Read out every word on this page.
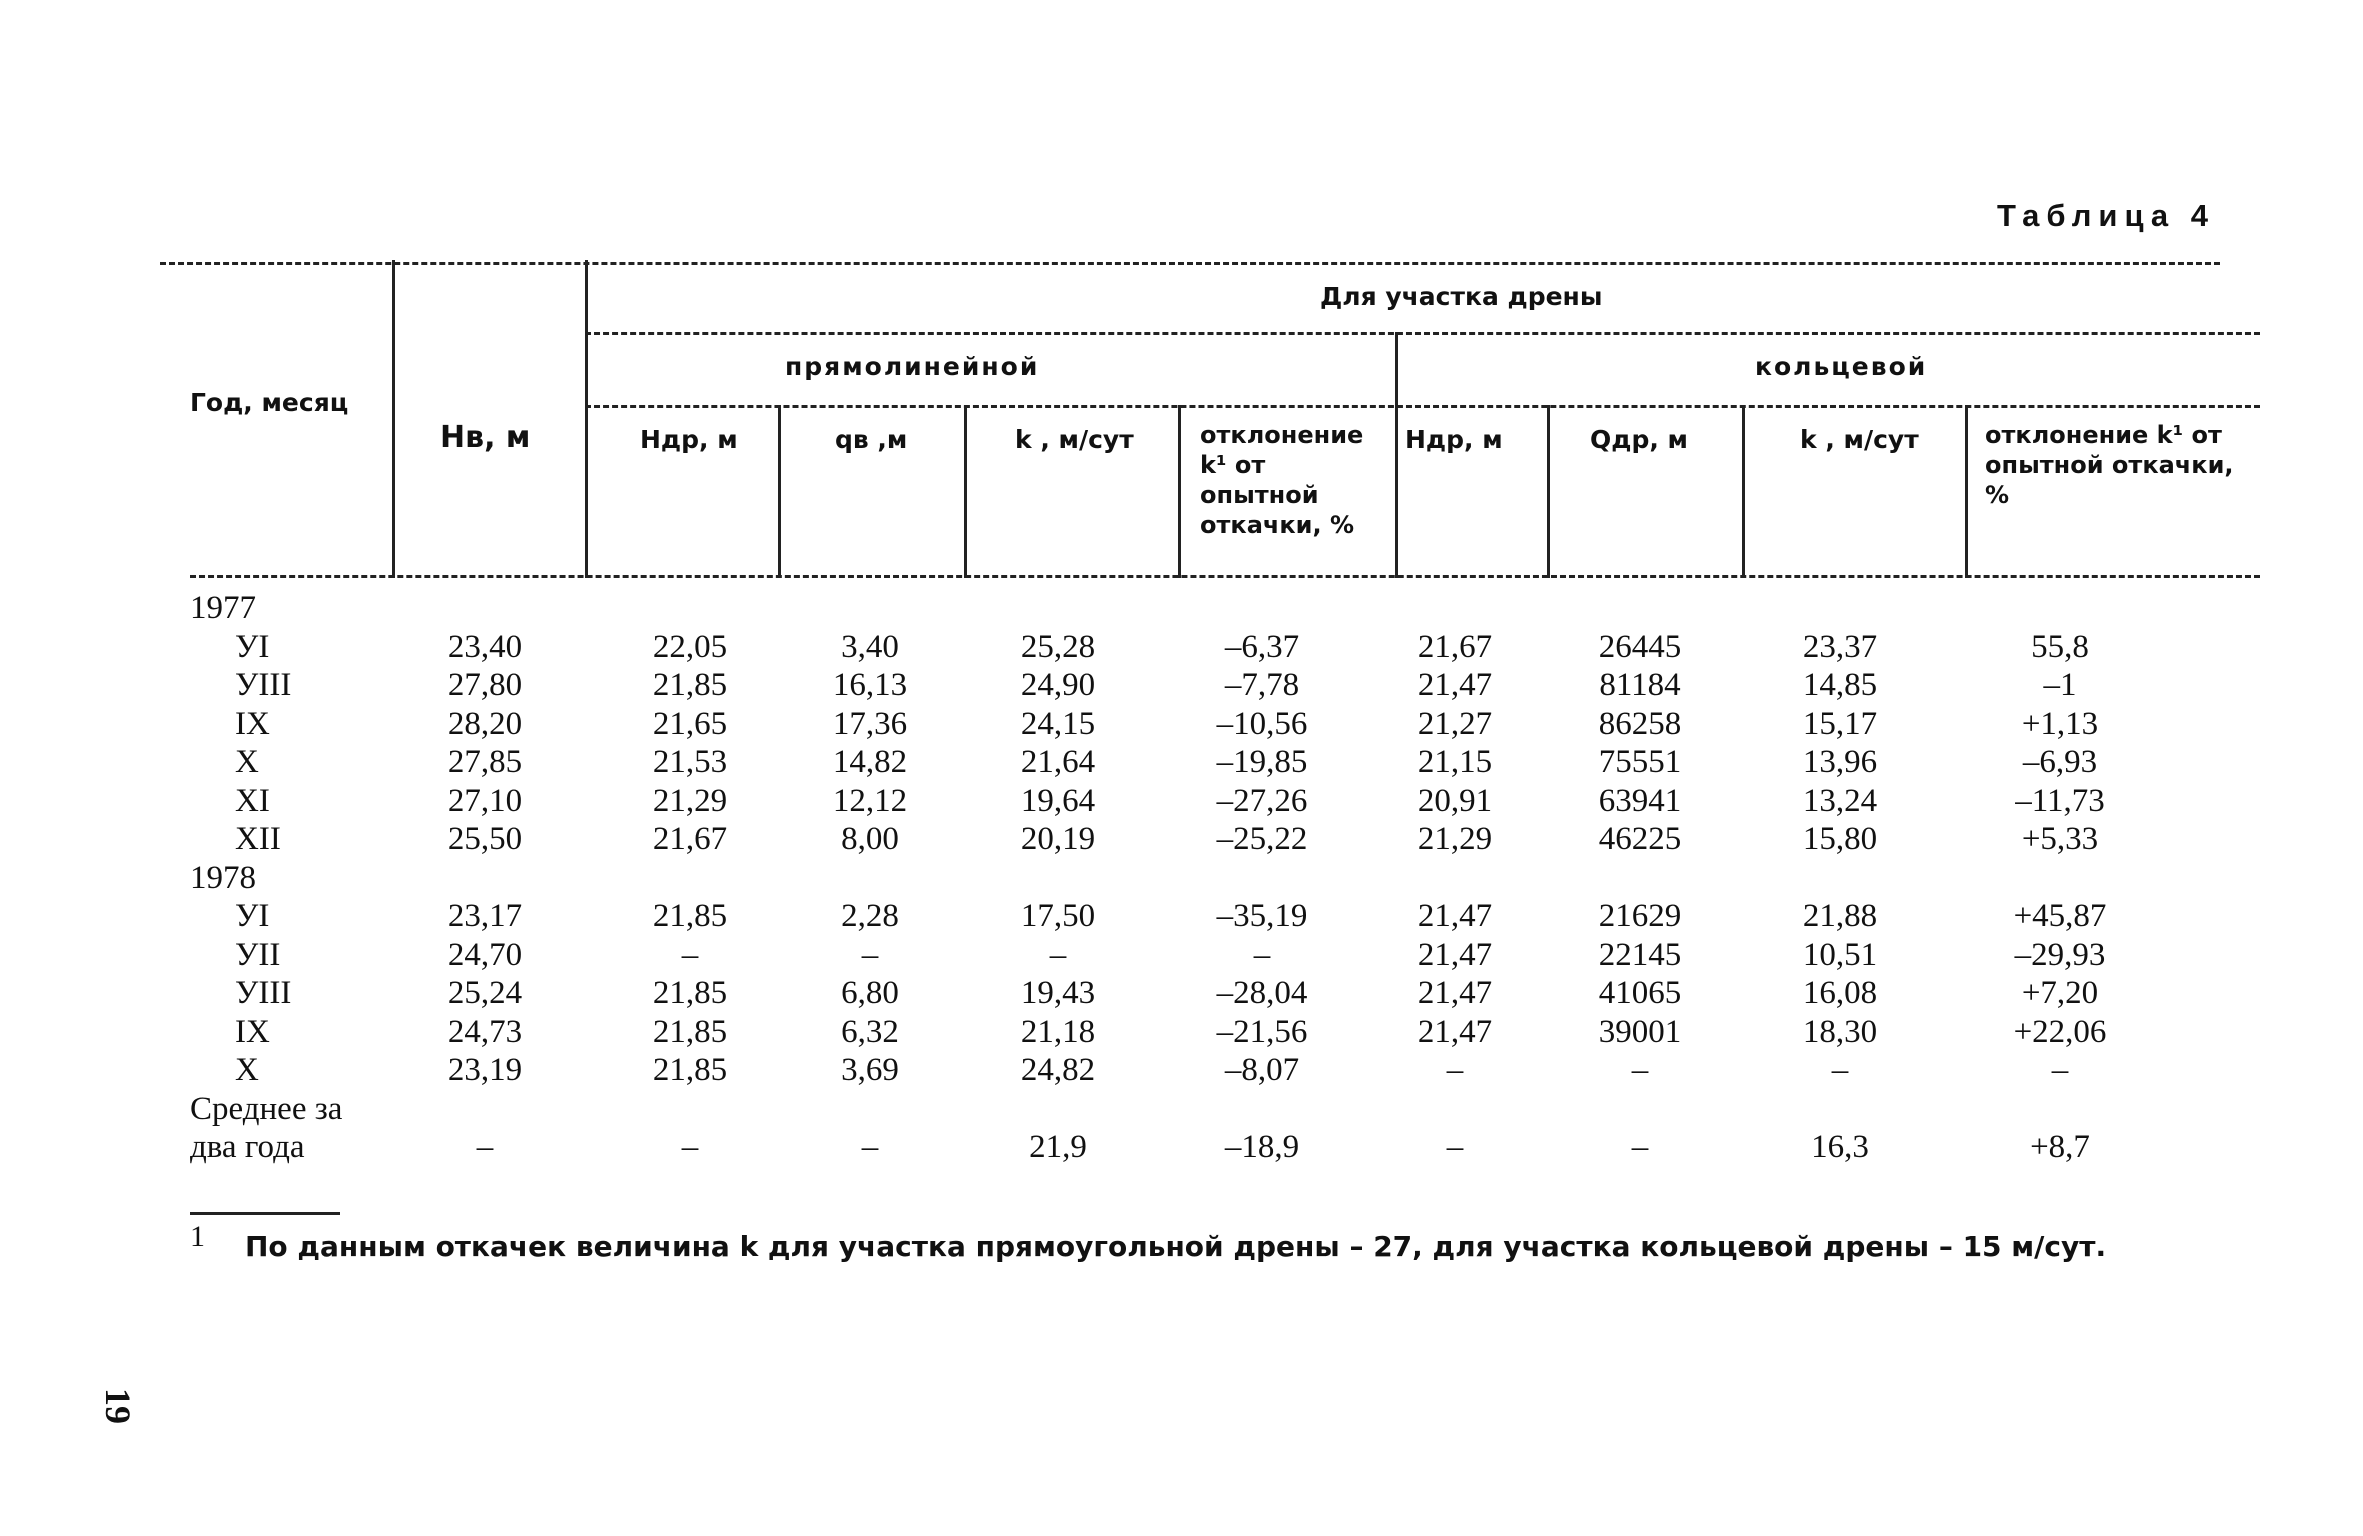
Таблица 4
Год, месяц
Hв, м
Для участка дрены
прямолинейной	кольцевой
Hдр, м	qв ,м	k , м/сут	отклонение k¹ от опытной откачки, %
Hдр, м	Qдр, м	k , м/сут	отклонение k¹ от опытной откачки, %
1977
УI	23,40	22,05	3,40	25,28	–6,37	21,67	26445	23,37	55,8
УIII	27,80	21,85	16,13	24,90	–7,78	21,47	81184	14,85	–1
IX	28,20	21,65	17,36	24,15	–10,56	21,27	86258	15,17	+1,13
X	27,85	21,53	14,82	21,64	–19,85	21,15	75551	13,96	–6,93
XI	27,10	21,29	12,12	19,64	–27,26	20,91	63941	13,24	–11,73
XII	25,50	21,67	8,00	20,19	–25,22	21,29	46225	15,80	+5,33
1978
УI	23,17	21,85	2,28	17,50	–35,19	21,47	21629	21,88	+45,87
УII	24,70	–	–	–	–	21,47	22145	10,51	–29,93
УIII	25,24	21,85	6,80	19,43	–28,04	21,47	41065	16,08	+7,20
IX	24,73	21,85	6,32	21,18	–21,56	21,47	39001	18,30	+22,06
X	23,19	21,85	3,69	24,82	–8,07	–	–	–	–
Среднее за
два года	–	–	–	21,9	–18,9	–	–	16,3	+8,7
1 По данным откачек величина k для участка прямоугольной дрены – 27, для участка кольцевой дрены – 15 м/сут.
19
